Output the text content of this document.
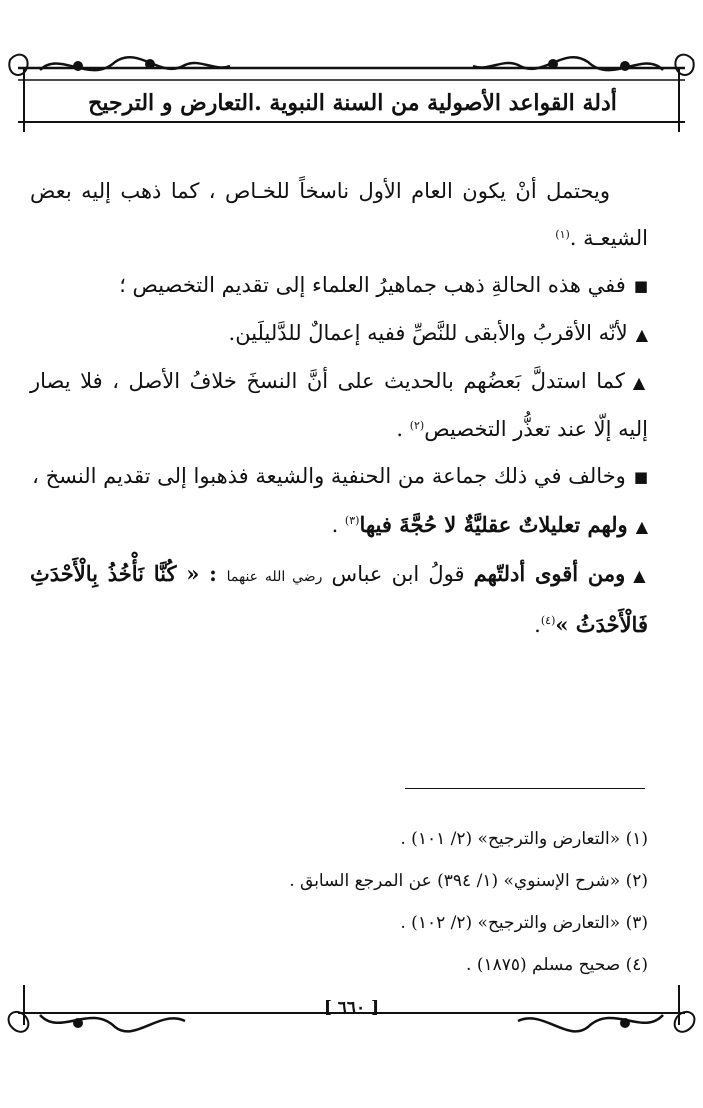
أدلة القواعد الأصولية من السنة النبوية .التعارض و الترجيح

ويحتمل أنْ يكون العام الأول ناسخاً للخـاص ، كما ذهب إليه بعض الشيعـة .$^{(١)}$

■ففي هذه الحالةِ ذهب جماهيرُ العلماء إلى تقديم التخصيص ؛

▲لأنّه الأقربُ والأبقى للنَّصِّ ففيه إعمالٌ للدَّليلَين.

▲كما استدلَّ بَعضُهم بالحديث على أنَّ النسخَ خلافُ الأصل ، فلا يصار إليه إلّا عند تعذُّر التخصيص$^{(٢)}$ .

■وخالف في ذلك جماعة من الحنفية والشيعة فذهبوا إلى تقديم النسخ ،

▲ولهم تعليلاتٌ عقليَّةٌ لا حُجَّةَ فيها$^{(٣)}$ .

▲ومن أقوى أدلتّهم قولُ ابن عباس رضي الله عنهما : « كُنَّا نَأْخُذُ بِالْأَحْدَثِ فَالْأَحْدَثُ »$^{(٤)}$.

(١) «التعارض والترجيح» (٢/ ١٠١) .

(٢) «شرح الإسنوي» (١/ ٣٩٤) عن المرجع السابق .

(٣) «التعارض والترجيح» (٢/ ١٠٢) .

(٤) صحيح مسلم (١٨٧٥) .

[ ٦٦٠ ]
